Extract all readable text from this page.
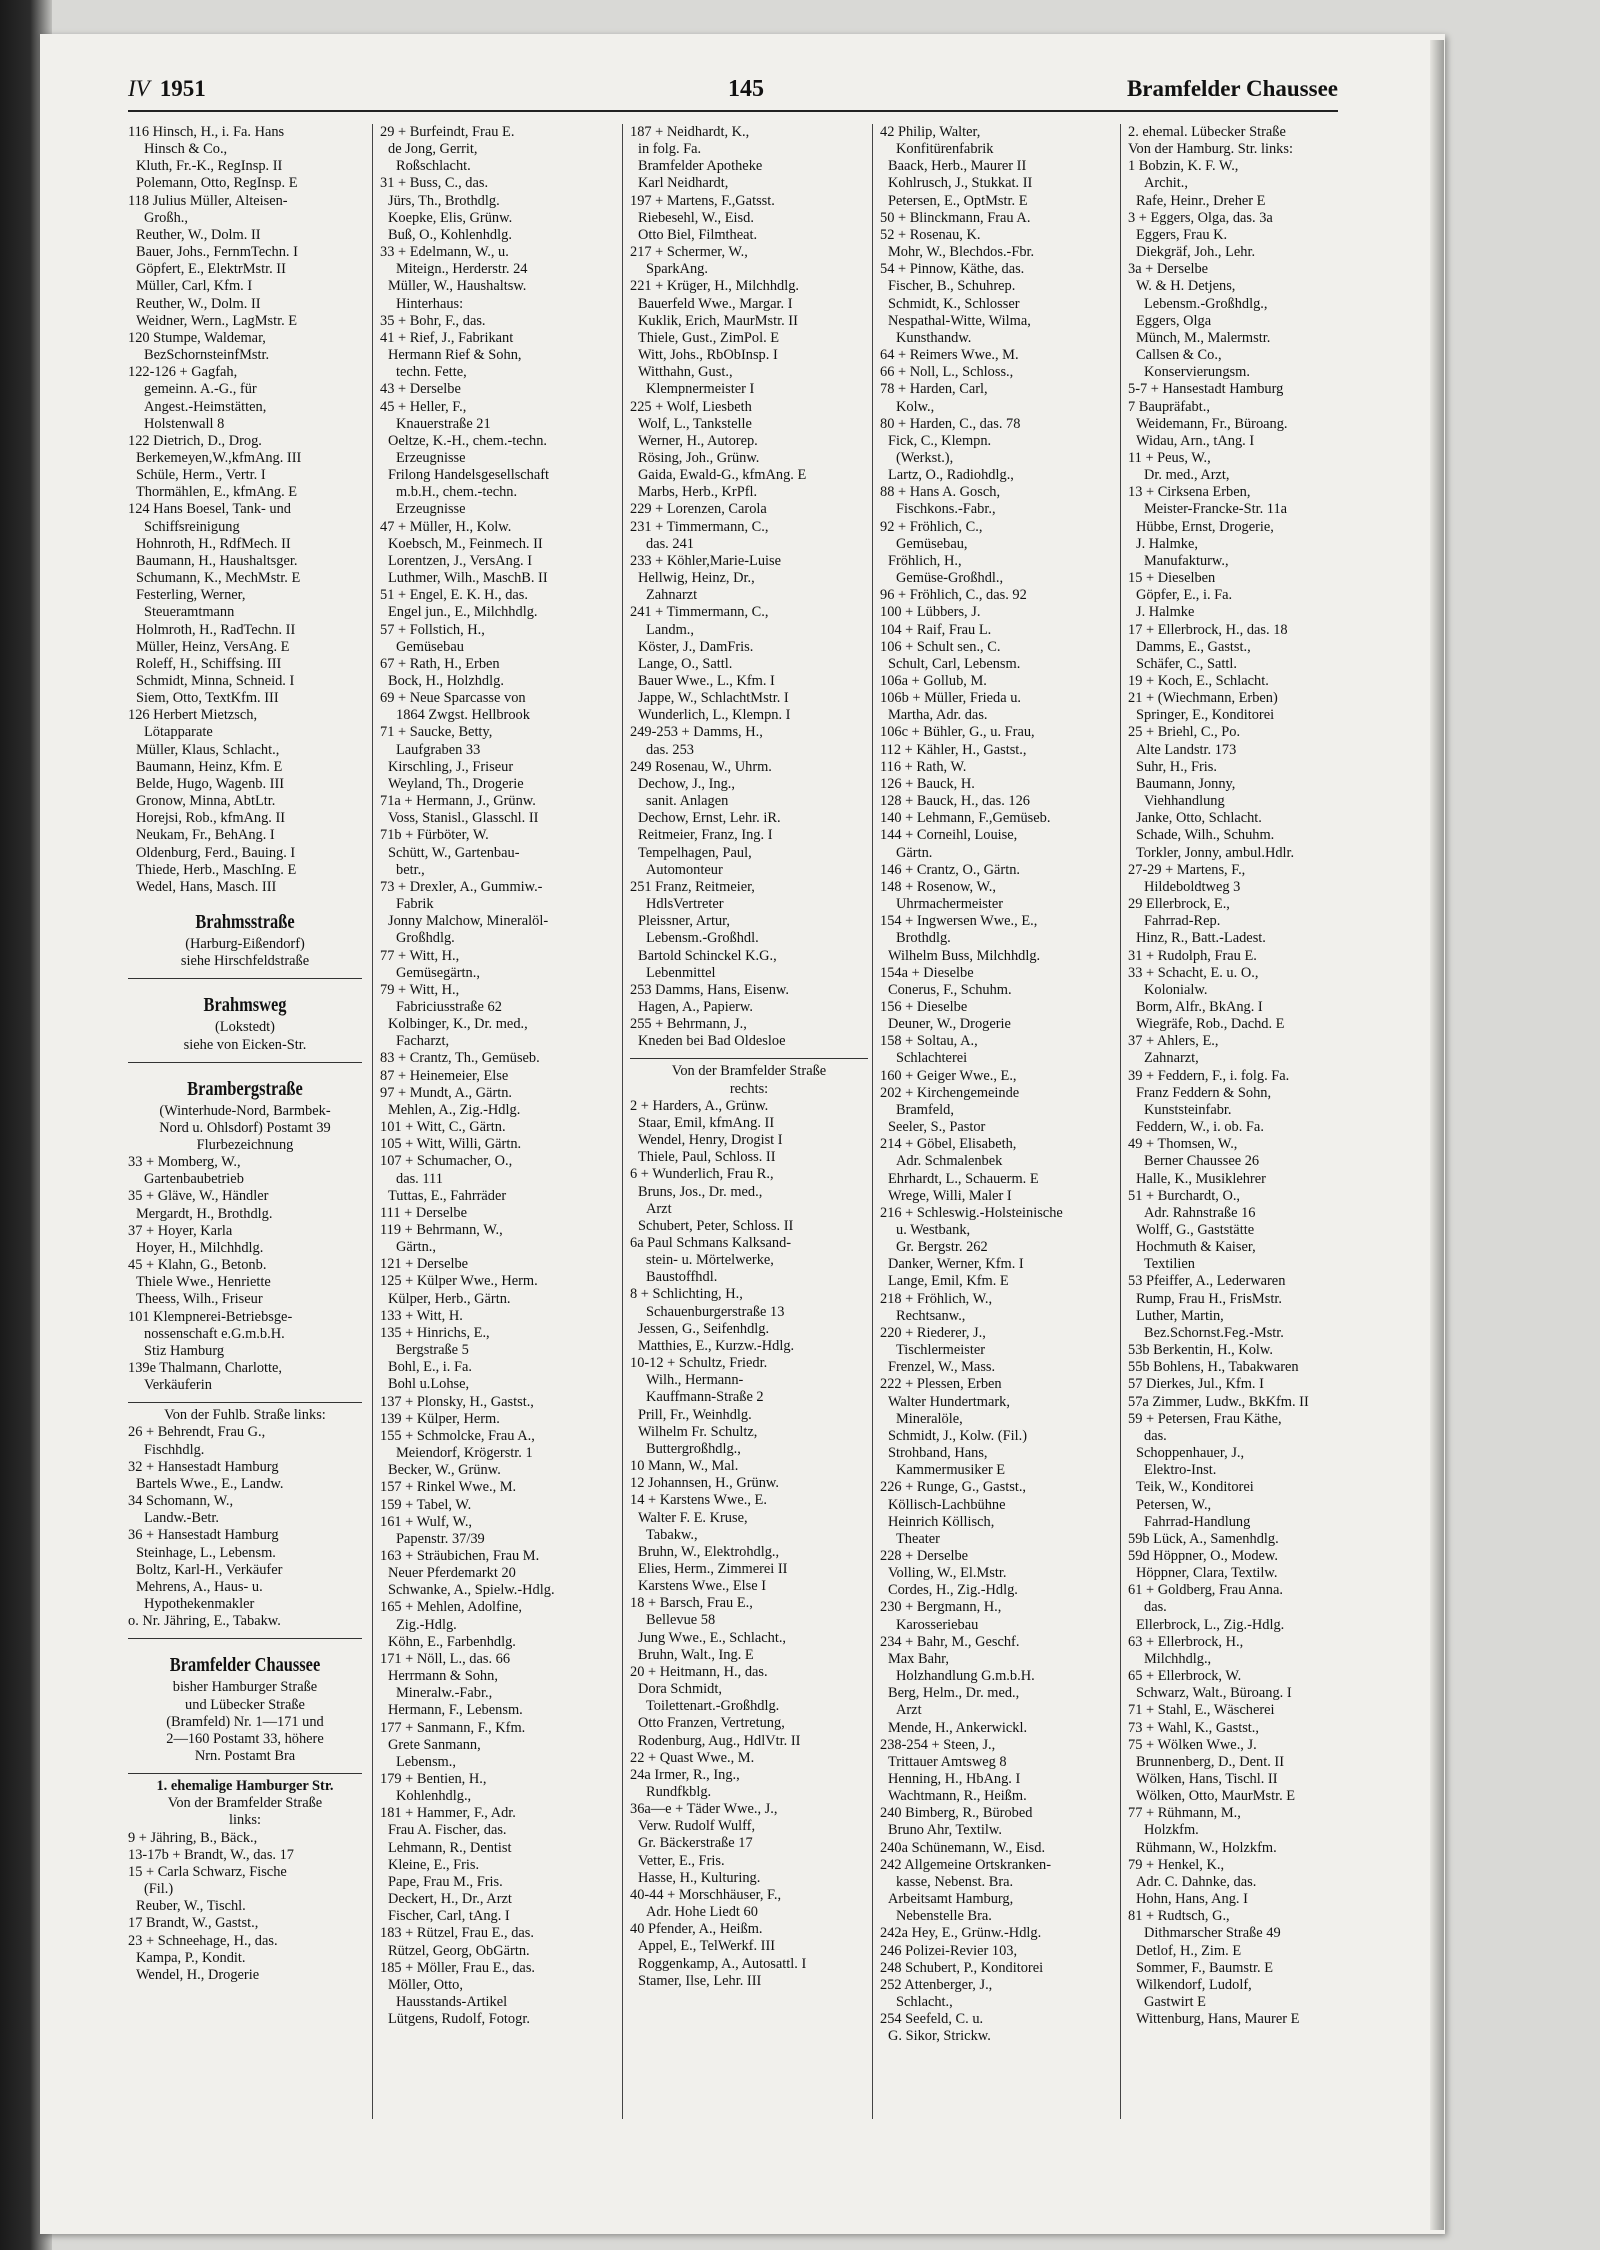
IV 1951	145	Bramfelder Chaussee
116 Hinsch, H., i. Fa. Hans
Hinsch & Co.,
Kluth, Fr.-K., RegInsp. II
Polemann, Otto, RegInsp. E
118 Julius Müller, Alteisen-
Großh.,
Reuther, W., Dolm. II
Bauer, Johs., FernmTechn. I
Göpfert, E., ElektrMstr. II
Müller, Carl, Kfm. I
Reuther, W., Dolm. II
Weidner, Wern., LagMstr. E
120 Stumpe, Waldemar,
BezSchornsteinfMstr.
122-126 + Gagfah,
gemeinn. A.-G., für
Angest.-Heimstätten,
Holstenwall 8
122 Dietrich, D., Drog.
Berkemeyen,W.,kfmAng. III
Schüle, Herm., Vertr. I
Thormählen, E., kfmAng. E
124 Hans Boesel, Tank- und
Schiffsreinigung
Hohnroth, H., RdfMech. II
Baumann, H., Haushaltsger.
Schumann, K., MechMstr. E
Festerling, Werner,
Steueramtmann
Holmroth, H., RadTechn. II
Müller, Heinz, VersAng. E
Roleff, H., Schiffsing. III
Schmidt, Minna, Schneid. I
Siem, Otto, TextKfm. III
126 Herbert Mietzsch,
Lötapparate
Müller, Klaus, Schlacht.,
Baumann, Heinz, Kfm. E
Belde, Hugo, Wagenb. III
Gronow, Minna, AbtLtr.
Horejsi, Rob., kfmAng. II
Neukam, Fr., BehAng. I
Oldenburg, Ferd., Bauing. I
Thiede, Herb., MaschIng. E
Wedel, Hans, Masch. III
Brahmsstraße
(Harburg-Eißendorf)
siehe Hirschfeldstraße
Brahmsweg
(Lokstedt)
siehe von Eicken-Str.
Brambergstraße
(Winterhude-Nord, Barmbek-
Nord u. Ohlsdorf) Postamt 39
Flurbezeichnung
33 + Momberg, W.,
Gartenbaubetrieb
35 + Gläve, W., Händler
Mergardt, H., Brothdlg.
37 + Hoyer, Karla
Hoyer, H., Milchhdlg.
45 + Klahn, G., Betonb.
Thiele Wwe., Henriette
Theess, Wilh., Friseur
101 Klempnerei-Betriebsge-
nossenschaft e.G.m.b.H.
Stiz Hamburg
139e Thalmann, Charlotte,
Verkäuferin
Von der Fuhlb. Straße links:
26 + Behrendt, Frau G.,
Fischhdlg.
32 + Hansestadt Hamburg
Bartels Wwe., E., Landw.
34 Schomann, W.,
Landw.-Betr.
36 + Hansestadt Hamburg
Steinhage, L., Lebensm.
Boltz, Karl-H., Verkäufer
Mehrens, A., Haus- u.
Hypothekenmakler
o. Nr. Jähring, E., Tabakw.
Bramfelder Chaussee
bisher Hamburger Straße
und Lübecker Straße
(Bramfeld) Nr. 1—171 und
2—160 Postamt 33, höhere
Nrn. Postamt Bra
1. ehemalige Hamburger Str.
Von der Bramfelder Straße
links:
9 + Jähring, B., Bäck.,
13-17b + Brandt, W., das. 17
15 + Carla Schwarz, Fische
(Fil.)
Reuber, W., Tischl.
17 Brandt, W., Gastst.,
23 + Schneehage, H., das.
Kampa, P., Kondit.
Wendel, H., Drogerie
29 + Burfeindt, Frau E.
de Jong, Gerrit,
Roßschlacht.
31 + Buss, C., das.
Jürs, Th., Brothdlg.
Koepke, Elis, Grünw.
Buß, O., Kohlenhdlg.
33 + Edelmann, W., u.
Miteign., Herderstr. 24
Müller, W., Haushaltsw.
Hinterhaus:
35 + Bohr, F., das.
41 + Rief, J., Fabrikant
Hermann Rief & Sohn,
techn. Fette,
43 + Derselbe
45 + Heller, F.,
Knauerstraße 21
Oeltze, K.-H., chem.-techn.
Erzeugnisse
Frilong Handelsgesellschaft
m.b.H., chem.-techn.
Erzeugnisse
47 + Müller, H., Kolw.
Koebsch, M., Feinmech. II
Lorentzen, J., VersAng. I
Luthmer, Wilh., MaschB. II
51 + Engel, E. K. H., das.
Engel jun., E., Milchhdlg.
57 + Follstich, H.,
Gemüsebau
67 + Rath, H., Erben
Bock, H., Holzhdlg.
69 + Neue Sparcasse von
1864 Zwgst. Hellbrook
71 + Saucke, Betty,
Laufgraben 33
Kirschling, J., Friseur
Weyland, Th., Drogerie
71a + Hermann, J., Grünw.
Voss, Stanisl., Glasschl. II
71b + Fürböter, W.
Schütt, W., Gartenbau-
betr.,
73 + Drexler, A., Gummiw.-
Fabrik
Jonny Malchow, Mineralöl-
Großhdlg.
77 + Witt, H.,
Gemüsegärtn.,
79 + Witt, H.,
Fabriciusstraße 62
Kolbinger, K., Dr. med.,
Facharzt,
83 + Crantz, Th., Gemüseb.
87 + Heinemeier, Else
97 + Mundt, A., Gärtn.
Mehlen, A., Zig.-Hdlg.
101 + Witt, C., Gärtn.
105 + Witt, Willi, Gärtn.
107 + Schumacher, O.,
das. 111
Tuttas, E., Fahrräder
111 + Derselbe
119 + Behrmann, W.,
Gärtn.,
121 + Derselbe
125 + Külper Wwe., Herm.
Külper, Herb., Gärtn.
133 + Witt, H.
135 + Hinrichs, E.,
Bergstraße 5
Bohl, E., i. Fa.
Bohl u.Lohse,
137 + Plonsky, H., Gastst.,
139 + Külper, Herm.
155 + Schmolcke, Frau A.,
Meiendorf, Krögerstr. 1
Becker, W., Grünw.
157 + Rinkel Wwe., M.
159 + Tabel, W.
161 + Wulf, W.,
Papenstr. 37/39
163 + Sträubichen, Frau M.
Neuer Pferdemarkt 20
Schwanke, A., Spielw.-Hdlg.
165 + Mehlen, Adolfine,
Zig.-Hdlg.
Köhn, E., Farbenhdlg.
171 + Nöll, L., das. 66
Herrmann & Sohn,
Mineralw.-Fabr.,
Hermann, F., Lebensm.
177 + Sanmann, F., Kfm.
Grete Sanmann,
Lebensm.,
179 + Bentien, H.,
Kohlenhdlg.,
181 + Hammer, F., Adr.
Frau A. Fischer, das.
Lehmann, R., Dentist
Kleine, E., Fris.
Pape, Frau M., Fris.
Deckert, H., Dr., Arzt
Fischer, Carl, tAng. I
183 + Rützel, Frau E., das.
Rützel, Georg, ObGärtn.
185 + Möller, Frau E., das.
Möller, Otto,
Hausstands-Artikel
Lütgens, Rudolf, Fotogr.
187 + Neidhardt, K.,
in folg. Fa.
Bramfelder Apotheke
Karl Neidhardt,
197 + Martens, F.,Gatsst.
Riebesehl, W., Eisd.
Otto Biel, Filmtheat.
217 + Schermer, W.,
SparkAng.
221 + Krüger, H., Milchhdlg.
Bauerfeld Wwe., Margar. I
Kuklik, Erich, MaurMstr. II
Thiele, Gust., ZimPol. E
Witt, Johs., RbObInsp. I
Witthahn, Gust.,
Klempnermeister I
225 + Wolf, Liesbeth
Wolf, L., Tankstelle
Werner, H., Autorep.
Rösing, Joh., Grünw.
Gaida, Ewald-G., kfmAng. E
Marbs, Herb., KrPfl.
229 + Lorenzen, Carola
231 + Timmermann, C.,
das. 241
233 + Köhler,Marie-Luise
Hellwig, Heinz, Dr.,
Zahnarzt
241 + Timmermann, C.,
Landm.,
Köster, J., DamFris.
Lange, O., Sattl.
Bauer Wwe., L., Kfm. I
Jappe, W., SchlachtMstr. I
Wunderlich, L., Klempn. I
249-253 + Damms, H.,
das. 253
249 Rosenau, W., Uhrm.
Dechow, J., Ing.,
sanit. Anlagen
Dechow, Ernst, Lehr. iR.
Reitmeier, Franz, Ing. I
Tempelhagen, Paul,
Automonteur
251 Franz, Reitmeier,
HdlsVertreter
Pleissner, Artur,
Lebensm.-Großhdl.
Bartold Schinckel K.G.,
Lebenmittel
253 Damms, Hans, Eisenw.
Hagen, A., Papierw.
255 + Behrmann, J.,
Kneden bei Bad Oldesloe
Von der Bramfelder Straße
rechts:
2 + Harders, A., Grünw.
Staar, Emil, kfmAng. II
Wendel, Henry, Drogist I
Thiele, Paul, Schloss. II
6 + Wunderlich, Frau R.,
Bruns, Jos., Dr. med.,
Arzt
Schubert, Peter, Schloss. II
6a Paul Schmans Kalksand-
stein- u. Mörtelwerke,
Baustoffhdl.
8 + Schlichting, H.,
Schauenburgerstraße 13
Jessen, G., Seifenhdlg.
Matthies, E., Kurzw.-Hdlg.
10-12 + Schultz, Friedr.
Wilh., Hermann-
Kauffmann-Straße 2
Prill, Fr., Weinhdlg.
Wilhelm Fr. Schultz,
Buttergroßhdlg.,
10 Mann, W., Mal.
12 Johannsen, H., Grünw.
14 + Karstens Wwe., E.
Walter F. E. Kruse,
Tabakw.,
Bruhn, W., Elektrohdlg.,
Elies, Herm., Zimmerei II
Karstens Wwe., Else I
18 + Barsch, Frau E.,
Bellevue 58
Jung Wwe., E., Schlacht.,
Bruhn, Walt., Ing. E
20 + Heitmann, H., das.
Dora Schmidt,
Toilettenart.-Großhdlg.
Otto Franzen, Vertretung,
Rodenburg, Aug., HdlVtr. II
22 + Quast Wwe., M.
24a Irmer, R., Ing.,
Rundfkblg.
36a—e + Täder Wwe., J.,
Verw. Rudolf Wulff,
Gr. Bäckerstraße 17
Vetter, E., Fris.
Hasse, H., Kulturing.
40-44 + Morschhäuser, F.,
Adr. Hohe Liedt 60
40 Pfender, A., Heißm.
Appel, E., TelWerkf. III
Roggenkamp, A., Autosattl. I
Stamer, Ilse, Lehr. III
42 Philip, Walter,
Konfitürenfabrik
Baack, Herb., Maurer II
Kohlrusch, J., Stukkat. II
Petersen, E., OptMstr. E
50 + Blinckmann, Frau A.
52 + Rosenau, K.
Mohr, W., Blechdos.-Fbr.
54 + Pinnow, Käthe, das.
Fischer, B., Schuhrep.
Schmidt, K., Schlosser
Nespathal-Witte, Wilma,
Kunsthandw.
64 + Reimers Wwe., M.
66 + Noll, L., Schloss.,
78 + Harden, Carl,
Kolw.,
80 + Harden, C., das. 78
Fick, C., Klempn.
(Werkst.),
Lartz, O., Radiohdlg.,
88 + Hans A. Gosch,
Fischkons.-Fabr.,
92 + Fröhlich, C.,
Gemüsebau,
Fröhlich, H.,
Gemüse-Großhdl.,
96 + Fröhlich, C., das. 92
100 + Lübbers, J.
104 + Raif, Frau L.
106 + Schult sen., C.
Schult, Carl, Lebensm.
106a + Gollub, M.
106b + Müller, Frieda u.
Martha, Adr. das.
106c + Bühler, G., u. Frau,
112 + Kähler, H., Gastst.,
116 + Rath, W.
126 + Bauck, H.
128 + Bauck, H., das. 126
140 + Lehmann, F.,Gemüseb.
144 + Corneihl, Louise,
Gärtn.
146 + Crantz, O., Gärtn.
148 + Rosenow, W.,
Uhrmachermeister
154 + Ingwersen Wwe., E.,
Brothdlg.
Wilhelm Buss, Milchhdlg.
154a + Dieselbe
Conerus, F., Schuhm.
156 + Dieselbe
Deuner, W., Drogerie
158 + Soltau, A.,
Schlachterei
160 + Geiger Wwe., E.,
202 + Kirchengemeinde
Bramfeld,
Seeler, S., Pastor
214 + Göbel, Elisabeth,
Adr. Schmalenbek
Ehrhardt, L., Schauerm. E
Wrege, Willi, Maler I
216 + Schleswig.-Holsteinische
u. Westbank,
Gr. Bergstr. 262
Danker, Werner, Kfm. I
Lange, Emil, Kfm. E
218 + Fröhlich, W.,
Rechtsanw.,
220 + Riederer, J.,
Tischlermeister
Frenzel, W., Mass.
222 + Plessen, Erben
Walter Hundertmark,
Mineralöle,
Schmidt, J., Kolw. (Fil.)
Strohband, Hans,
Kammermusiker E
226 + Runge, G., Gastst.,
Köllisch-Lachbühne
Heinrich Köllisch,
Theater
228 + Derselbe
Volling, W., El.Mstr.
Cordes, H., Zig.-Hdlg.
230 + Bergmann, H.,
Karosseriebau
234 + Bahr, M., Geschf.
Max Bahr,
Holzhandlung G.m.b.H.
Berg, Helm., Dr. med.,
Arzt
Mende, H., Ankerwickl.
238-254 + Steen, J.,
Trittauer Amtsweg 8
Henning, H., HbAng. I
Wachtmann, R., Heißm.
240 Bimberg, R., Bürobed
Bruno Ahr, Textilw.
240a Schünemann, W., Eisd.
242 Allgemeine Ortskranken-
kasse, Nebenst. Bra.
Arbeitsamt Hamburg,
Nebenstelle Bra.
242a Hey, E., Grünw.-Hdlg.
246 Polizei-Revier 103,
248 Schubert, P., Konditorei
252 Attenberger, J.,
Schlacht.,
254 Seefeld, C. u.
G. Sikor, Strickw.
2. ehemal. Lübecker Straße
Von der Hamburg. Str. links:
1 Bobzin, K. F. W.,
Archit.,
Rafe, Heinr., Dreher E
3 + Eggers, Olga, das. 3a
Eggers, Frau K.
Diekgräf, Joh., Lehr.
3a + Derselbe
W. & H. Detjens,
Lebensm.-Großhdlg.,
Eggers, Olga
Münch, M., Malermstr.
Callsen & Co.,
Konservierungsm.
5-7 + Hansestadt Hamburg
7 Baupräfabt.,
Weidemann, Fr., Büroang.
Widau, Arn., tAng. I
11 + Peus, W.,
Dr. med., Arzt,
13 + Cirksena Erben,
Meister-Francke-Str. 11a
Hübbe, Ernst, Drogerie,
J. Halmke,
Manufakturw.,
15 + Dieselben
Göpfer, E., i. Fa.
J. Halmke
17 + Ellerbrock, H., das. 18
Damms, E., Gastst.,
Schäfer, C., Sattl.
19 + Koch, E., Schlacht.
21 + (Wiechmann, Erben)
Springer, E., Konditorei
25 + Briehl, C., Po.
Alte Landstr. 173
Suhr, H., Fris.
Baumann, Jonny,
Viehhandlung
Janke, Otto, Schlacht.
Schade, Wilh., Schuhm.
Torkler, Jonny, ambul.Hdlr.
27-29 + Martens, F.,
Hildeboldtweg 3
29 Ellerbrock, E.,
Fahrrad-Rep.
Hinz, R., Batt.-Ladest.
31 + Rudolph, Frau E.
33 + Schacht, E. u. O.,
Kolonialw.
Borm, Alfr., BkAng. I
Wiegräfe, Rob., Dachd. E
37 + Ahlers, E.,
Zahnarzt,
39 + Feddern, F., i. folg. Fa.
Franz Feddern & Sohn,
Kunststeinfabr.
Feddern, W., i. ob. Fa.
49 + Thomsen, W.,
Berner Chaussee 26
Halle, K., Musiklehrer
51 + Burchardt, O.,
Adr. Rahnstraße 16
Wolff, G., Gaststätte
Hochmuth & Kaiser,
Textilien
53 Pfeiffer, A., Lederwaren
Rump, Frau H., FrisMstr.
Luther, Martin,
Bez.Schornst.Feg.-Mstr.
53b Berkentin, H., Kolw.
55b Bohlens, H., Tabakwaren
57 Dierkes, Jul., Kfm. I
57a Zimmer, Ludw., BkKfm. II
59 + Petersen, Frau Käthe,
das.
Schoppenhauer, J.,
Elektro-Inst.
Teik, W., Konditorei
Petersen, W.,
Fahrrad-Handlung
59b Lück, A., Samenhdlg.
59d Höppner, O., Modew.
Höppner, Clara, Textilw.
61 + Goldberg, Frau Anna.
das.
Ellerbrock, L., Zig.-Hdlg.
63 + Ellerbrock, H.,
Milchhdlg.,
65 + Ellerbrock, W.
Schwarz, Walt., Büroang. I
71 + Stahl, E., Wäscherei
73 + Wahl, K., Gastst.,
75 + Wölken Wwe., J.
Brunnenberg, D., Dent. II
Wölken, Hans, Tischl. II
Wölken, Otto, MaurMstr. E
77 + Rühmann, M.,
Holzkfm.
Rühmann, W., Holzkfm.
79 + Henkel, K.,
Adr. C. Dahnke, das.
Hohn, Hans, Ang. I
81 + Rudtsch, G.,
Dithmarscher Straße 49
Detlof, H., Zim. E
Sommer, F., Baumstr. E
Wilkendorf, Ludolf,
Gastwirt E
Wittenburg, Hans, Maurer E
